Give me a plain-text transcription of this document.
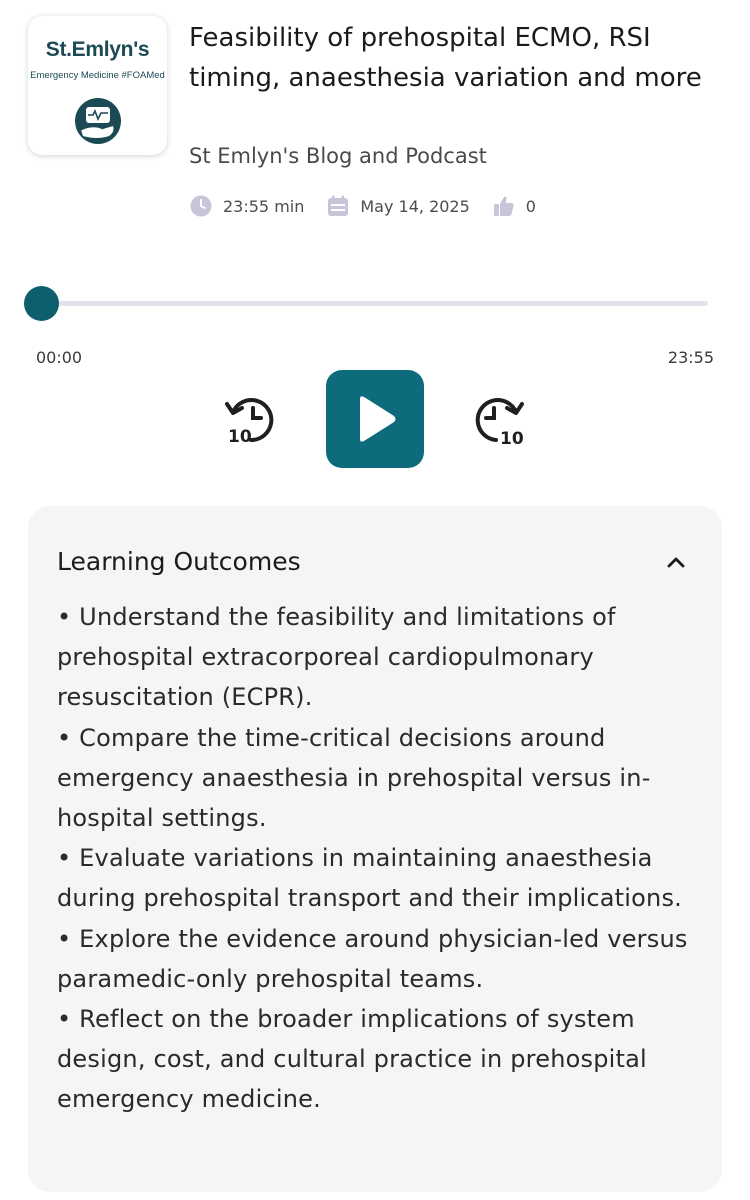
St.Emlyn's
Emergency Medicine #FOAMed
Feasibility of prehospital ECMO, RSI timing, anaesthesia variation and more
St Emlyn's Blog and Podcast
23:55 min	May 14, 2025	0
00:00	23:55
10	10
Learning Outcomes
• Understand the feasibility and limitations of prehospital extracorporeal cardiopulmonary resuscitation (ECPR).
• Compare the time-critical decisions around emergency anaesthesia in prehospital versus in-hospital settings.
• Evaluate variations in maintaining anaesthesia during prehospital transport and their implications.
• Explore the evidence around physician-led versus paramedic-only prehospital teams.
• Reflect on the broader implications of system design, cost, and cultural practice in prehospital emergency medicine.
